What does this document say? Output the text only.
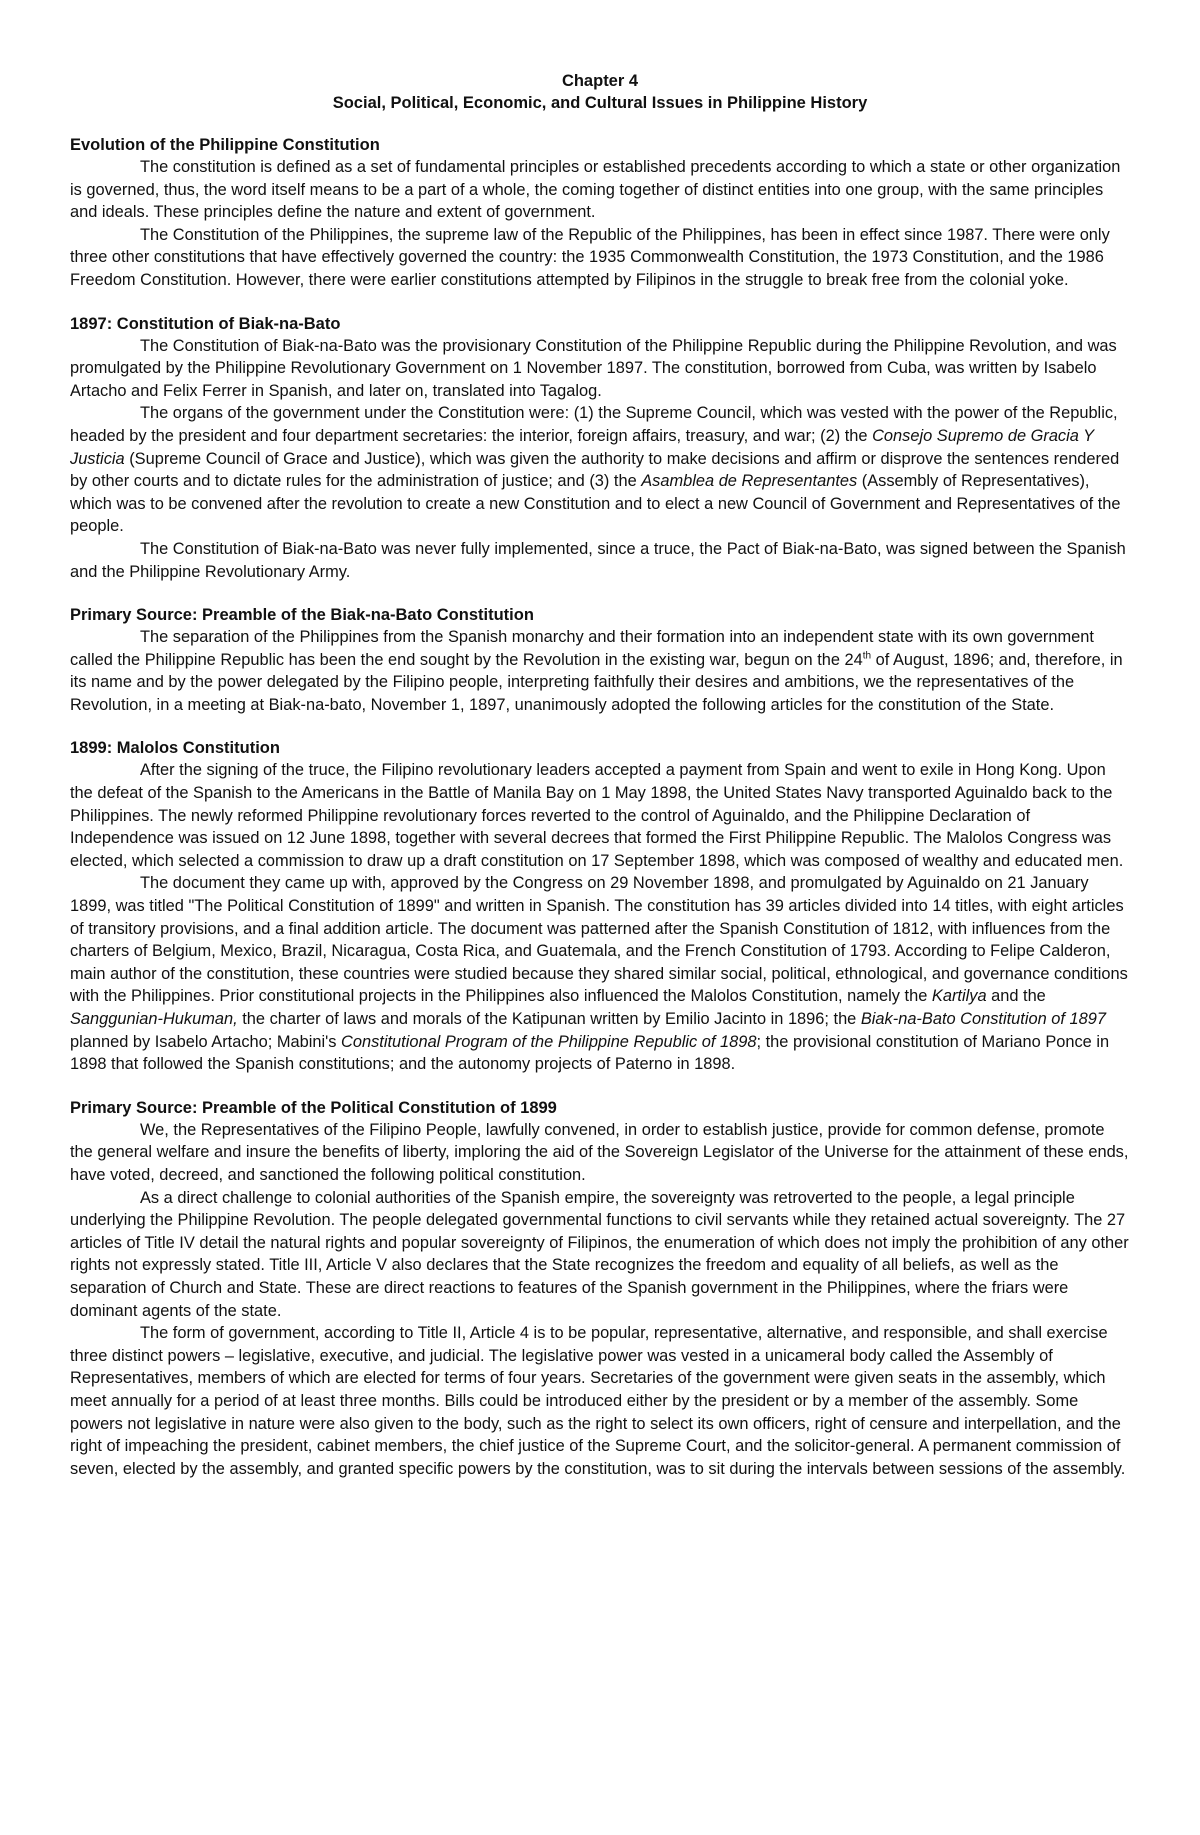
Chapter 4
Social, Political, Economic, and Cultural Issues in Philippine History
Evolution of the Philippine Constitution

The constitution is defined as a set of fundamental principles or established precedents according to which a state or other organization is governed, thus, the word itself means to be a part of a whole, the coming together of distinct entities into one group, with the same principles and ideals. These principles define the nature and extent of government.

The Constitution of the Philippines, the supreme law of the Republic of the Philippines, has been in effect since 1987. There were only three other constitutions that have effectively governed the country: the 1935 Commonwealth Constitution, the 1973 Constitution, and the 1986 Freedom Constitution. However, there were earlier constitutions attempted by Filipinos in the struggle to break free from the colonial yoke.

1897: Constitution of Biak-na-Bato

The Constitution of Biak-na-Bato was the provisionary Constitution of the Philippine Republic during the Philippine Revolution, and was promulgated by the Philippine Revolutionary Government on 1 November 1897. The constitution, borrowed from Cuba, was written by Isabelo Artacho and Felix Ferrer in Spanish, and later on, translated into Tagalog.

The organs of the government under the Constitution were: (1) the Supreme Council, which was vested with the power of the Republic, headed by the president and four department secretaries: the interior, foreign affairs, treasury, and war; (2) the Consejo Supremo de Gracia Y Justicia (Supreme Council of Grace and Justice), which was given the authority to make decisions and affirm or disprove the sentences rendered by other courts and to dictate rules for the administration of justice; and (3) the Asamblea de Representantes (Assembly of Representatives), which was to be convened after the revolution to create a new Constitution and to elect a new Council of Government and Representatives of the people.

The Constitution of Biak-na-Bato was never fully implemented, since a truce, the Pact of Biak-na-Bato, was signed between the Spanish and the Philippine Revolutionary Army.

Primary Source: Preamble of the Biak-na-Bato Constitution

The separation of the Philippines from the Spanish monarchy and their formation into an independent state with its own government called the Philippine Republic has been the end sought by the Revolution in the existing war, begun on the 24th of August, 1896; and, therefore, in its name and by the power delegated by the Filipino people, interpreting faithfully their desires and ambitions, we the representatives of the Revolution, in a meeting at Biak-na-bato, November 1, 1897, unanimously adopted the following articles for the constitution of the State.

1899: Malolos Constitution

After the signing of the truce, the Filipino revolutionary leaders accepted a payment from Spain and went to exile in Hong Kong. Upon the defeat of the Spanish to the Americans in the Battle of Manila Bay on 1 May 1898, the United States Navy transported Aguinaldo back to the Philippines. The newly reformed Philippine revolutionary forces reverted to the control of Aguinaldo, and the Philippine Declaration of Independence was issued on 12 June 1898, together with several decrees that formed the First Philippine Republic. The Malolos Congress was elected, which selected a commission to draw up a draft constitution on 17 September 1898, which was composed of wealthy and educated men.

The document they came up with, approved by the Congress on 29 November 1898, and promulgated by Aguinaldo on 21 January 1899, was titled "The Political Constitution of 1899" and written in Spanish. The constitution has 39 articles divided into 14 titles, with eight articles of transitory provisions, and a final addition article. The document was patterned after the Spanish Constitution of 1812, with influences from the charters of Belgium, Mexico, Brazil, Nicaragua, Costa Rica, and Guatemala, and the French Constitution of 1793. According to Felipe Calderon, main author of the constitution, these countries were studied because they shared similar social, political, ethnological, and governance conditions with the Philippines. Prior constitutional projects in the Philippines also influenced the Malolos Constitution, namely the Kartilya and the Sanggunian-Hukuman, the charter of laws and morals of the Katipunan written by Emilio Jacinto in 1896; the Biak-na-Bato Constitution of 1897 planned by Isabelo Artacho; Mabini's Constitutional Program of the Philippine Republic of 1898; the provisional constitution of Mariano Ponce in 1898 that followed the Spanish constitutions; and the autonomy projects of Paterno in 1898.

Primary Source: Preamble of the Political Constitution of 1899

We, the Representatives of the Filipino People, lawfully convened, in order to establish justice, provide for common defense, promote the general welfare and insure the benefits of liberty, imploring the aid of the Sovereign Legislator of the Universe for the attainment of these ends, have voted, decreed, and sanctioned the following political constitution.

As a direct challenge to colonial authorities of the Spanish empire, the sovereignty was retroverted to the people, a legal principle underlying the Philippine Revolution. The people delegated governmental functions to civil servants while they retained actual sovereignty. The 27 articles of Title IV detail the natural rights and popular sovereignty of Filipinos, the enumeration of which does not imply the prohibition of any other rights not expressly stated. Title III, Article V also declares that the State recognizes the freedom and equality of all beliefs, as well as the separation of Church and State. These are direct reactions to features of the Spanish government in the Philippines, where the friars were dominant agents of the state.

The form of government, according to Title II, Article 4 is to be popular, representative, alternative, and responsible, and shall exercise three distinct powers – legislative, executive, and judicial. The legislative power was vested in a unicameral body called the Assembly of Representatives, members of which are elected for terms of four years. Secretaries of the government were given seats in the assembly, which meet annually for a period of at least three months. Bills could be introduced either by the president or by a member of the assembly. Some powers not legislative in nature were also given to the body, such as the right to select its own officers, right of censure and interpellation, and the right of impeaching the president, cabinet members, the chief justice of the Supreme Court, and the solicitor-general. A permanent commission of seven, elected by the assembly, and granted specific powers by the constitution, was to sit during the intervals between sessions of the assembly.
